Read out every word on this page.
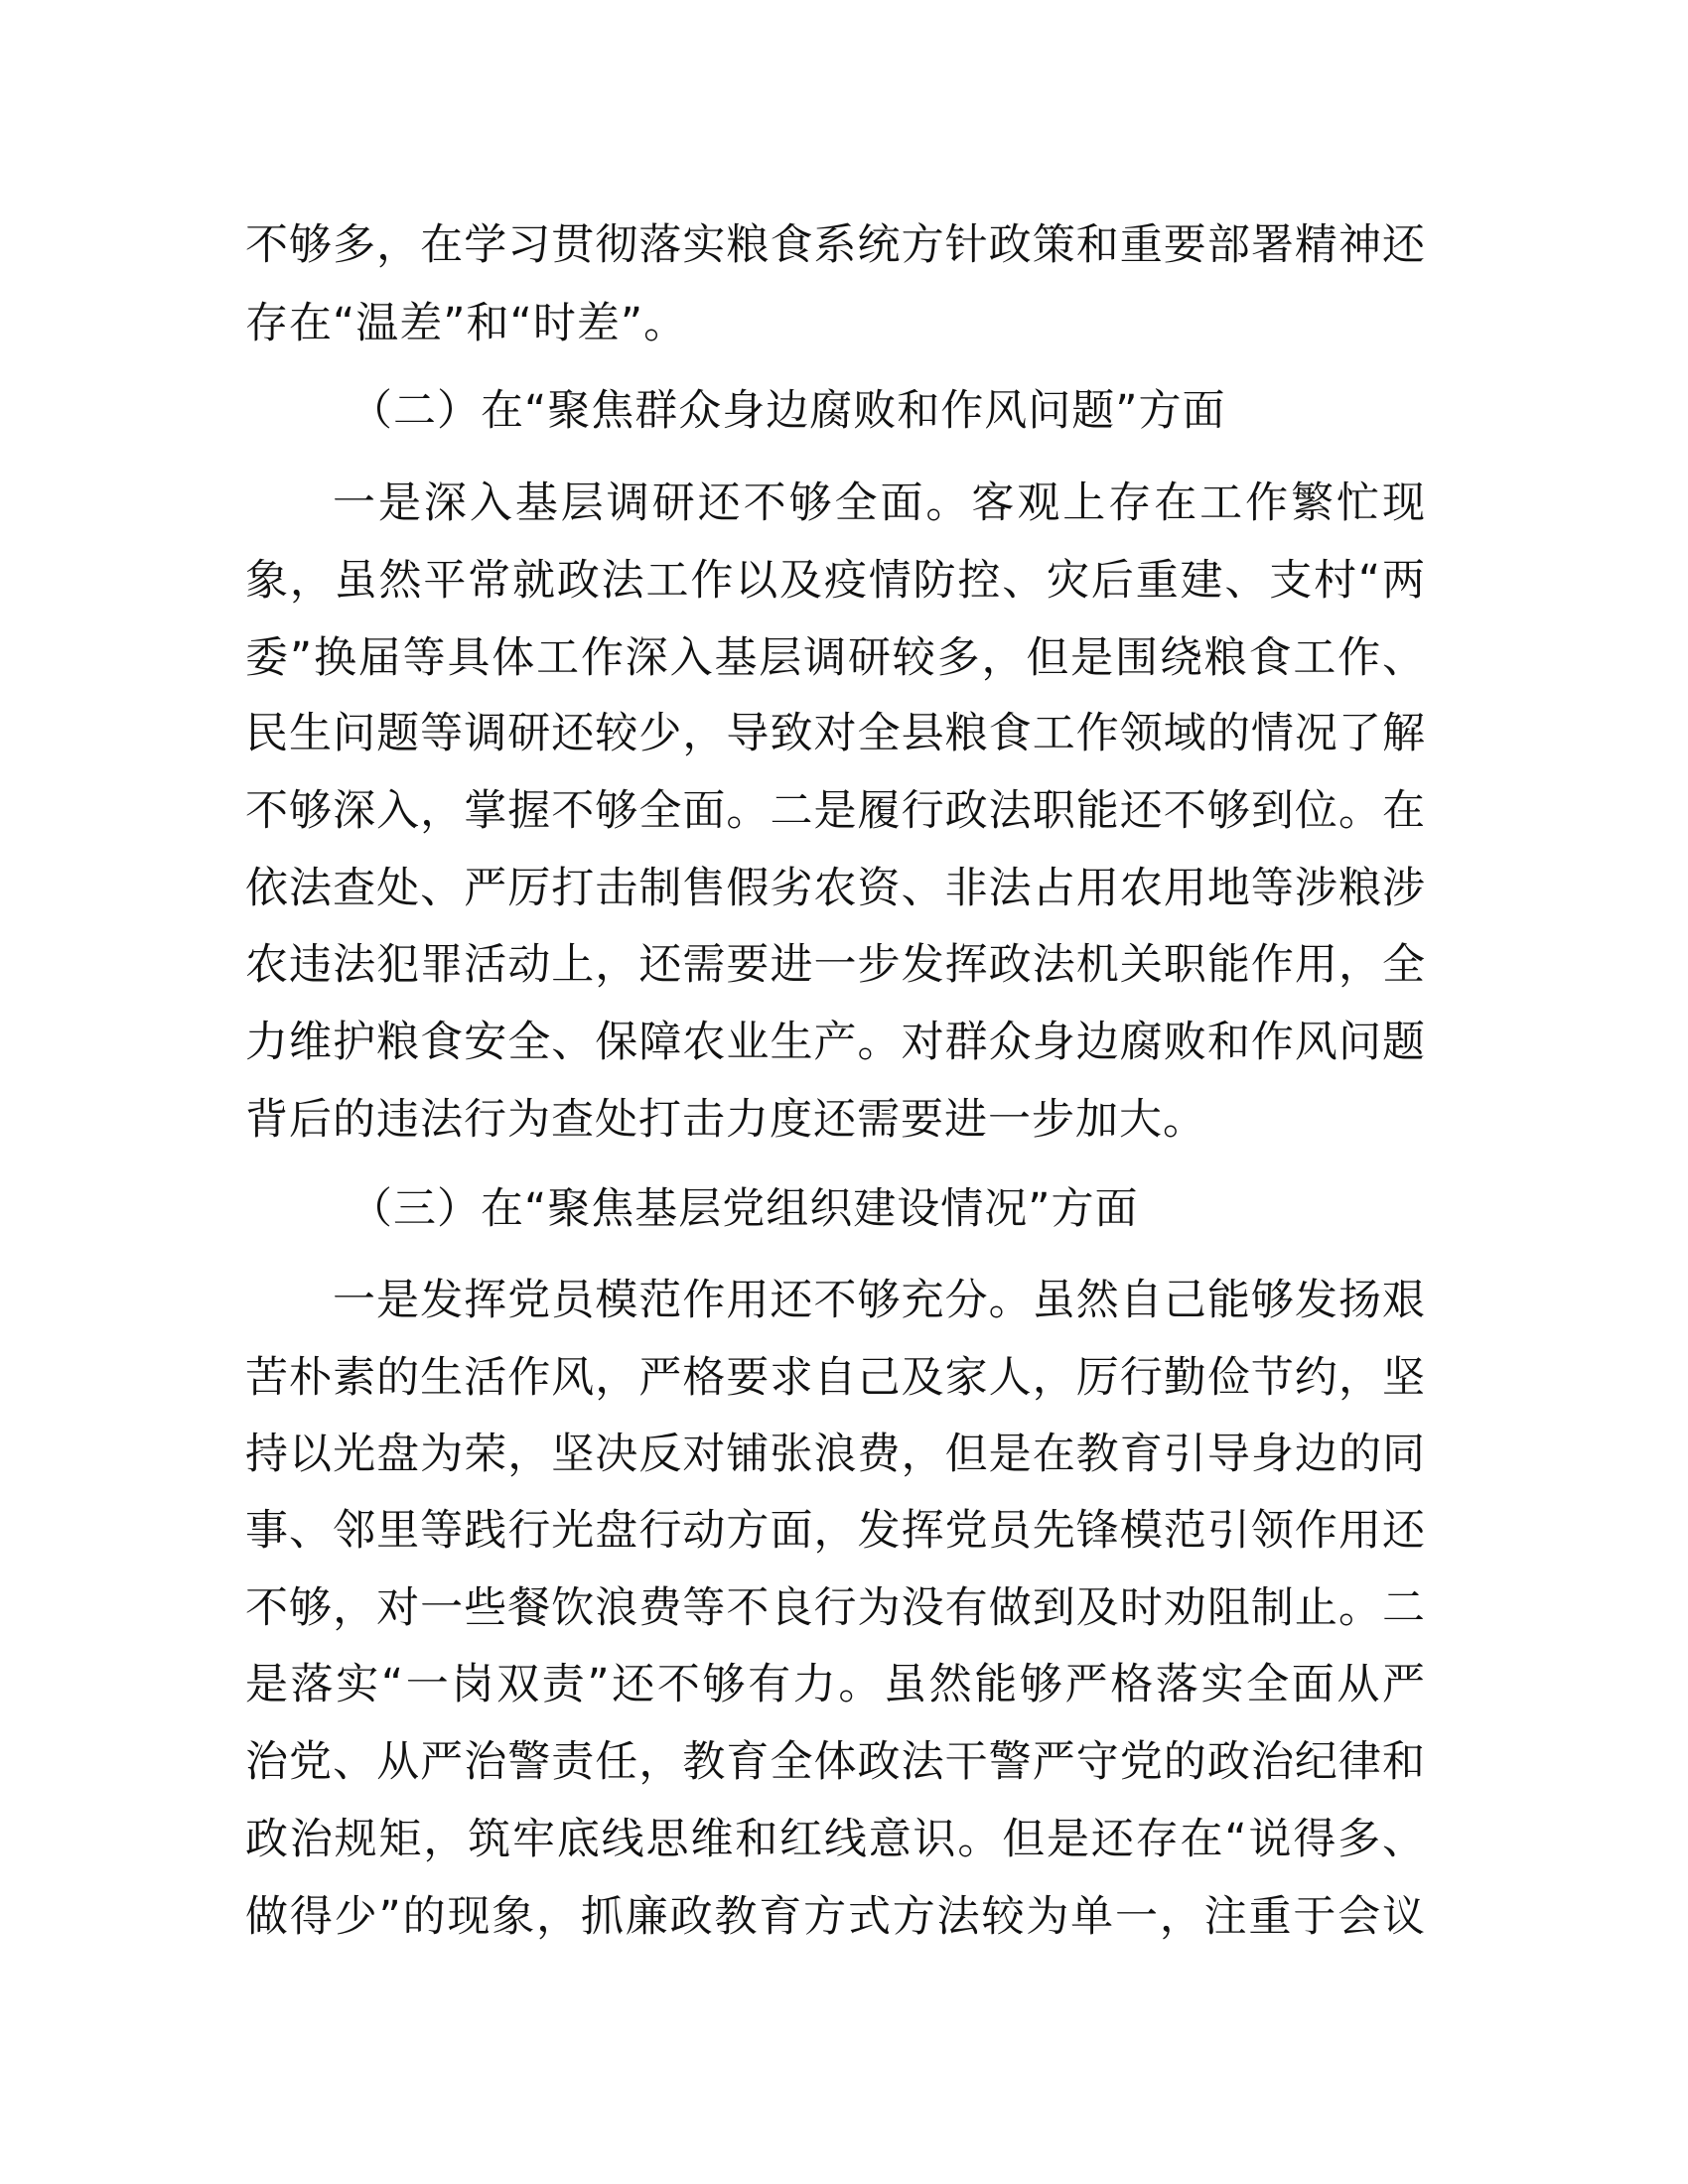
不够多，在学习贯彻落实粮食系统方针政策和重要部署精神还
存在“温差”和“时差”。
（二）在“聚焦群众身边腐败和作风问题”方面
一是深入基层调研还不够全面。客观上存在工作繁忙现
象，虽然平常就政法工作以及疫情防控、灾后重建、支村“两
委”换届等具体工作深入基层调研较多，但是围绕粮食工作、
民生问题等调研还较少，导致对全县粮食工作领域的情况了解
不够深入，掌握不够全面。二是履行政法职能还不够到位。在
依法查处、严厉打击制售假劣农资、非法占用农用地等涉粮涉
农违法犯罪活动上，还需要进一步发挥政法机关职能作用，全
力维护粮食安全、保障农业生产。对群众身边腐败和作风问题
背后的违法行为查处打击力度还需要进一步加大。
（三）在“聚焦基层党组织建设情况”方面
一是发挥党员模范作用还不够充分。虽然自己能够发扬艰
苦朴素的生活作风，严格要求自己及家人，厉行勤俭节约，坚
持以光盘为荣，坚决反对铺张浪费，但是在教育引导身边的同
事、邻里等践行光盘行动方面，发挥党员先锋模范引领作用还
不够，对一些餐饮浪费等不良行为没有做到及时劝阻制止。二
是落实“一岗双责”还不够有力。虽然能够严格落实全面从严
治党、从严治警责任，教育全体政法干警严守党的政治纪律和
政治规矩，筑牢底线思维和红线意识。但是还存在“说得多、
做得少”的现象，抓廉政教育方式方法较为单一，注重于会议
